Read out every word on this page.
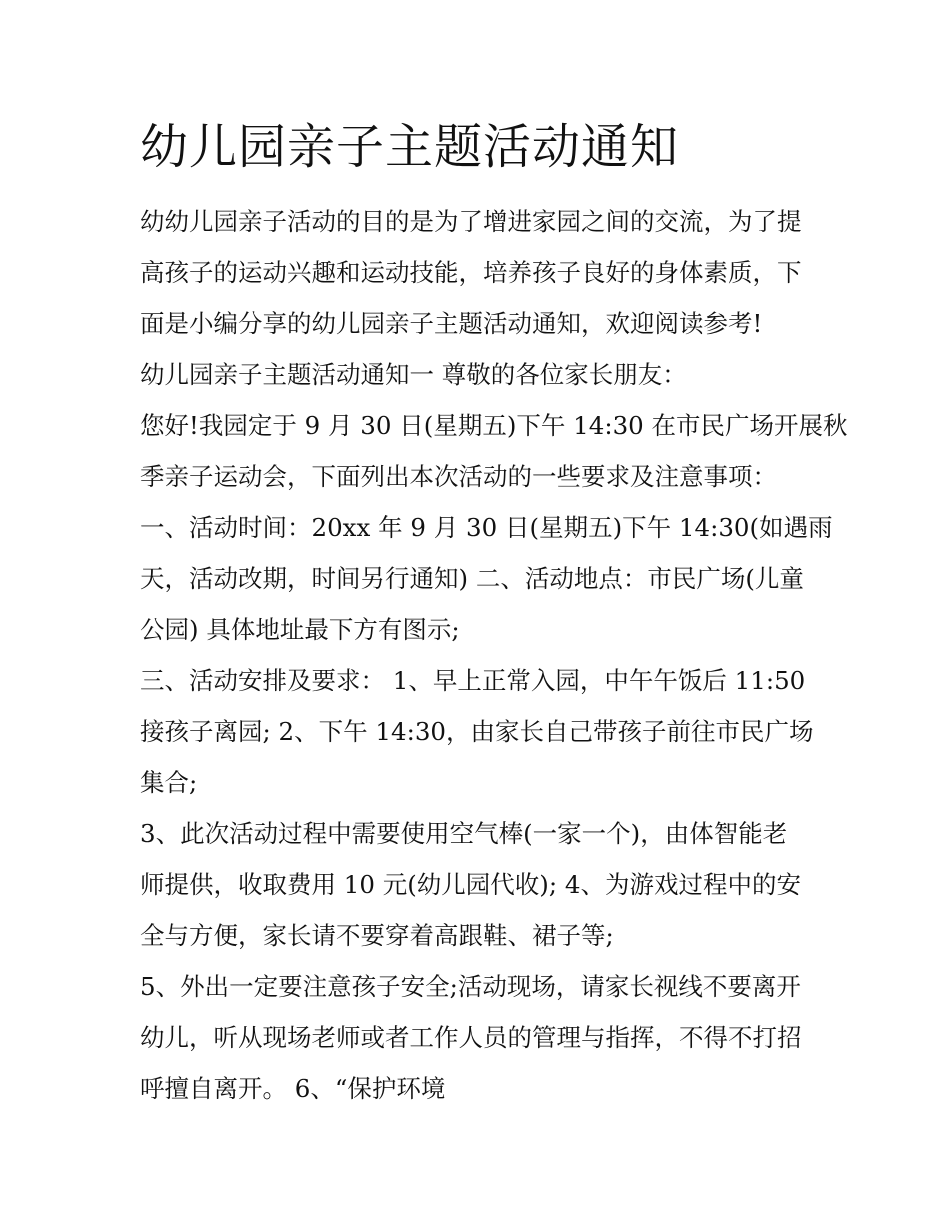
幼儿园亲子主题活动通知
幼幼儿园亲子活动的目的是为了增进家园之间的交流，为了提
高孩子的运动兴趣和运动技能，培养孩子良好的身体素质，下
面是小编分享的幼儿园亲子主题活动通知，欢迎阅读参考!
幼儿园亲子主题活动通知一 尊敬的各位家长朋友：
您好!我园定于 9 月 30 日(星期五)下午 14:30 在市民广场开展秋
季亲子运动会，下面列出本次活动的一些要求及注意事项：
一、活动时间：20xx 年 9 月 30 日(星期五)下午 14:30(如遇雨
天，活动改期，时间另行通知) 二、活动地点：市民广场(儿童
公园) 具体地址最下方有图示;
三、活动安排及要求： 1、早上正常入园，中午午饭后 11:50
接孩子离园; 2、下午 14:30，由家长自己带孩子前往市民广场
集合;
3、此次活动过程中需要使用空气棒(一家一个)，由体智能老
师提供，收取费用 10 元(幼儿园代收); 4、为游戏过程中的安
全与方便，家长请不要穿着高跟鞋、裙子等;
5、外出一定要注意孩子安全;活动现场，请家长视线不要离开
幼儿，听从现场老师或者工作人员的管理与指挥，不得不打招
呼擅自离开。 6、“保护环境
